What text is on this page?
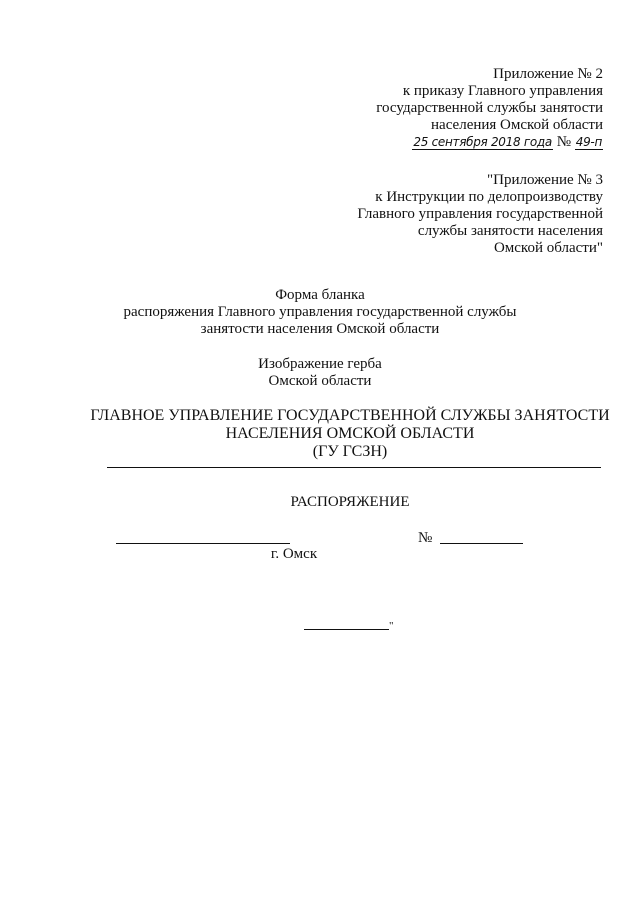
Приложение № 2
к приказу Главного управления
государственной службы занятости
населения Омской области
25 сентября 2018 года № 49-п
"Приложение № 3
к Инструкции по делопроизводству
Главного управления государственной
службы занятости населения
Омской области"
Форма бланка
распоряжения Главного управления государственной службы
занятости населения Омской области
Изображение герба
Омской области
ГЛАВНОЕ УПРАВЛЕНИЕ ГОСУДАРСТВЕННОЙ СЛУЖБЫ ЗАНЯТОСТИ
НАСЕЛЕНИЯ ОМСКОЙ ОБЛАСТИ
(ГУ ГСЗН)
РАСПОРЯЖЕНИЕ
№
г. Омск
"
